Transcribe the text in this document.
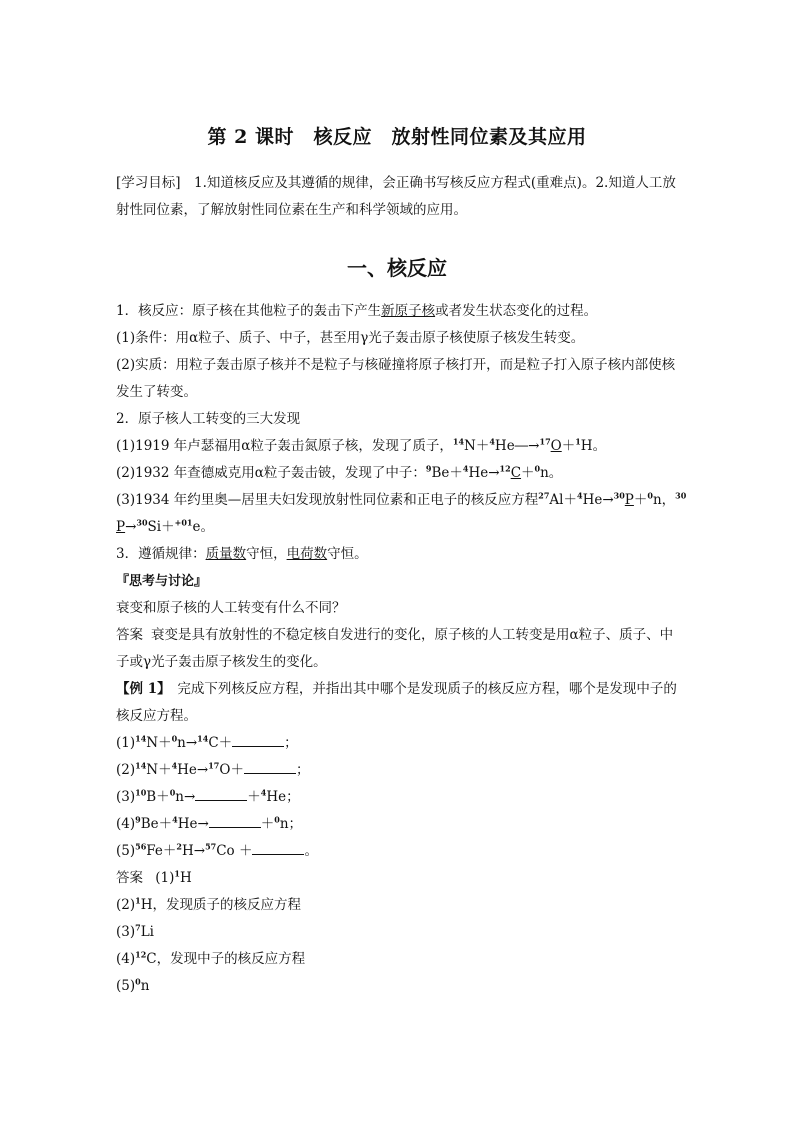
第 2 课时　核反应　放射性同位素及其应用
[学习目标]　1.知道核反应及其遵循的规律，会正确书写核反应方程式(重难点)。2.知道人工放射性同位素，了解放射性同位素在生产和科学领域的应用。
一、核反应
1．核反应：原子核在其他粒子的轰击下产生新原子核或者发生状态变化的过程。
(1)条件：用α粒子、质子、中子，甚至用γ光子轰击原子核使原子核发生转变。
(2)实质：用粒子轰击原子核并不是粒子与核碰撞将原子核打开，而是粒子打入原子核内部使核发生了转变。
2．原子核人工转变的三大发现
(1)1919 年卢瑟福用α粒子轰击氮原子核，发现了质子，$^{14}$N＋$^4$He―→$^{17}$O＋$^1$H。
(2)1932 年查德威克用α粒子轰击铍，发现了中子：$^9$Be＋$^4$He→$^{12}$C＋$^0$n。
(3)1934 年约里奥—居里夫妇发现放射性同位素和正电子的核反应方程$^{27}$Al＋$^4$He→$^{30}$P＋$^0$n，$^{30}$
P→$^{30}$Si＋$^{+01}$e。
3．遵循规律：质量数守恒，电荷数守恒。
『思考与讨论』
衰变和原子核的人工转变有什么不同？
答案 衰变是具有放射性的不稳定核自发进行的变化，原子核的人工转变是用α粒子、质子、中子或γ光子轰击原子核发生的变化。
【例 1】　 完成下列核反应方程，并指出其中哪个是发现质子的核反应方程，哪个是发现中子的核反应方程。
$(1)^{14}N+^0n\to^{14}C+$	；
$(2)^{14}N+^4He\to^{17}O+$	；
$(3)^{10}B+^0n\to$	＋$^4$He；
$(4)^9Be+^4He\to$	＋$^0$n；
$(5)^{56}Fe+^2H\to^{57}Co$ ＋	。
答案 $(1)^1H$
$(2)^1H$，发现质子的核反应方程
$(3)^7Li$
$(4)^{12}C$，发现中子的核反应方程
$(5)^0n$
